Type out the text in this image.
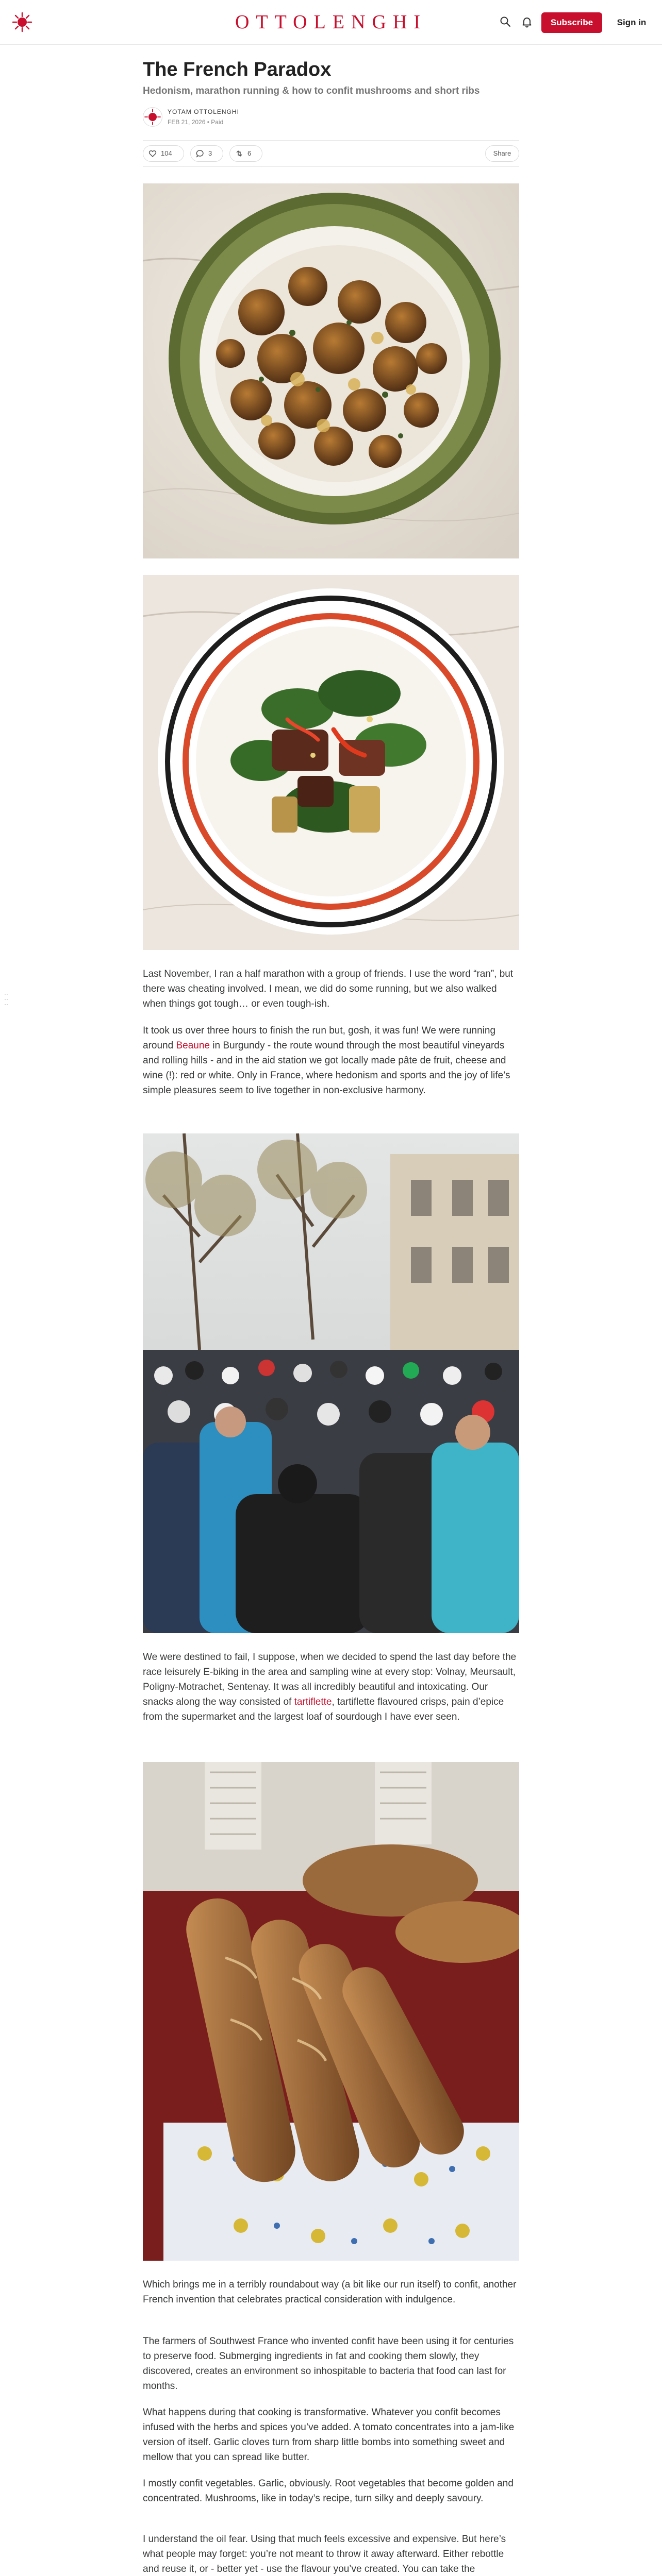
OTTOLENGHI	Subscribe	Sign in
The French Paradox
Hedonism, marathon running & how to confit mushrooms and short ribs
YOTAM OTTOLENGHI
FEB 21, 2026 • Paid
104	3	6	Share

Last November, I ran a half marathon with a group of friends. I use the word “ran”, but there was cheating involved. I mean, we did do some running, but we also walked when things got tough… or even tough-ish.

It took us over three hours to finish the run but, gosh, it was fun! We were running around Beaune in Burgundy - the route wound through the most beautiful vineyards and rolling hills - and in the aid station we got locally made pâte de fruit, cheese and wine (!): red or white. Only in France, where hedonism and sports and the joy of life’s simple pleasures seem to live together in non-exclusive harmony.

··
··
··

We were destined to fail, I suppose, when we decided to spend the last day before the race leisurely E-biking in the area and sampling wine at every stop: Volnay, Meursault, Poligny-Motrachet, Sentenay. It was all incredibly beautiful and intoxicating. Our snacks along the way consisted of tartiflette, tartiflette flavoured crisps, pain d’epice from the supermarket and the largest loaf of sourdough I have ever seen.

Which brings me in a terribly roundabout way (a bit like our run itself) to confit, another French invention that celebrates practical consideration with indulgence.

The farmers of Southwest France who invented confit have been using it for centuries to preserve food. Submerging ingredients in fat and cooking them slowly, they discovered, creates an environment so inhospitable to bacteria that food can last for months.

What happens during that cooking is transformative. Whatever you confit becomes infused with the herbs and spices you’ve added. A tomato concentrates into a jam-like version of itself. Garlic cloves turn from sharp little bombs into something sweet and mellow that you can spread like butter.

I mostly confit vegetables. Garlic, obviously. Root vegetables that become golden and concentrated. Mushrooms, like in today’s recipe, turn silky and deeply savoury.

I understand the oil fear. Using that much feels excessive and expensive. But here’s what people may forget: you’re not meant to throw it away afterward. Either rebottle and reuse it, or - better yet - use the flavour you’ve created. You can take the
